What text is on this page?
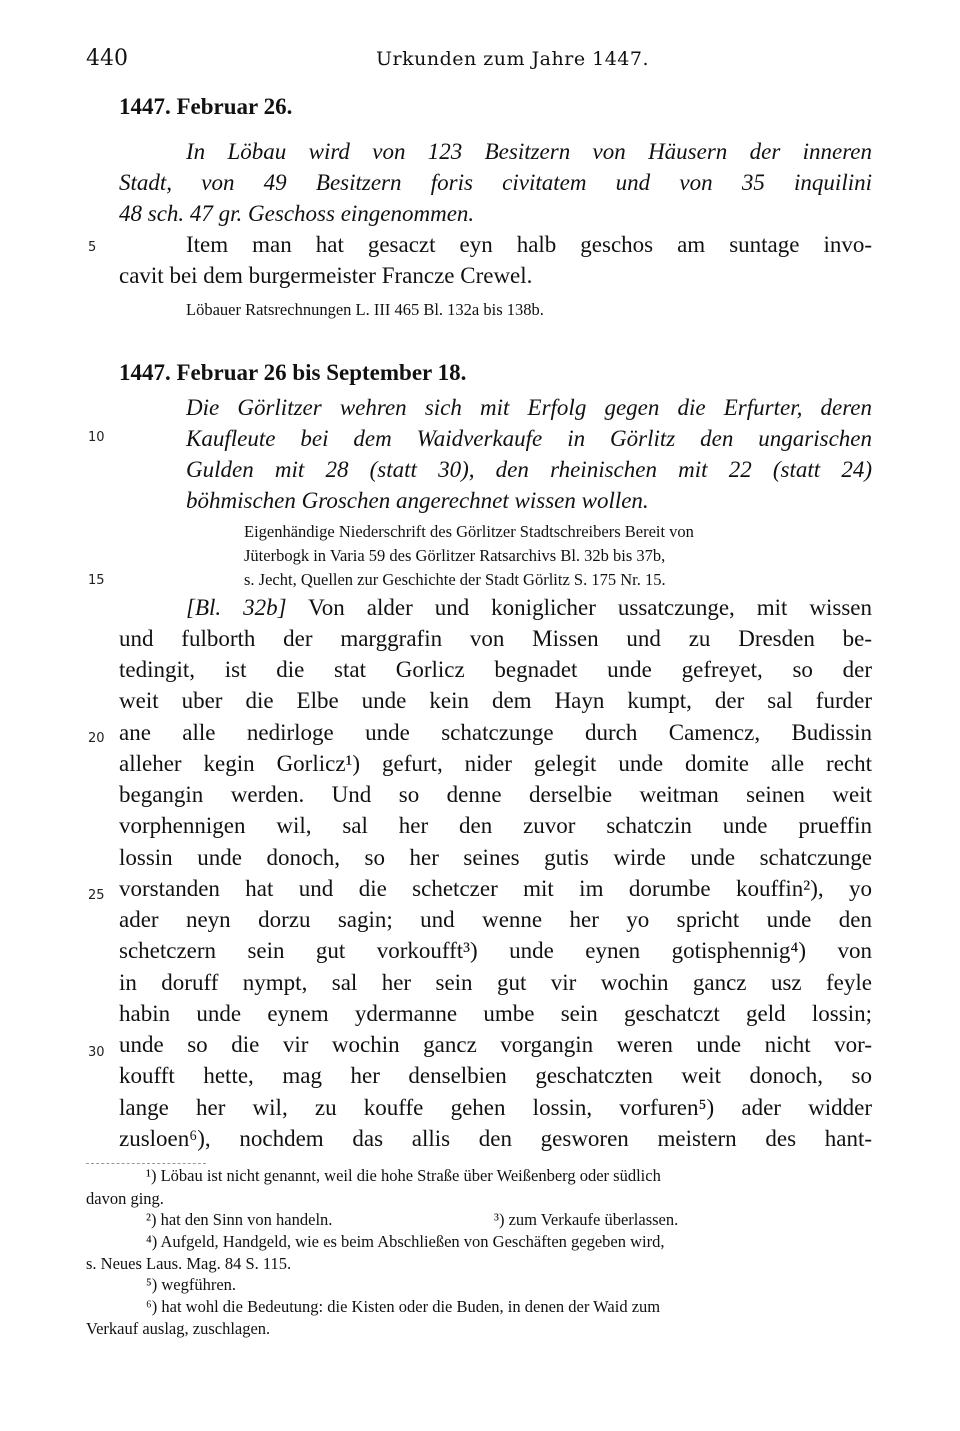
440	Urkunden zum Jahre 1447.
5
10
15
20
25
30
1447. Februar 26.
In Löbau wird von 123 Besitzern von Häusern der inneren
Stadt, von 49 Besitzern foris civitatem und von 35 inquilini
48 sch. 47 gr. Geschoss eingenommen.
Item man hat gesaczt eyn halb geschos am suntage invo-
cavit bei dem burgermeister Francze Crewel.
Löbauer Ratsrechnungen L. III 465 Bl. 132a bis 138b.
1447. Februar 26 bis September 18.
Die Görlitzer wehren sich mit Erfolg gegen die Erfurter, deren
Kaufleute bei dem Waidverkaufe in Görlitz den ungarischen
Gulden mit 28 (statt 30), den rheinischen mit 22 (statt 24)
böhmischen Groschen angerechnet wissen wollen.
Eigenhändige Niederschrift des Görlitzer Stadtschreibers Bereit von
Jüterbogk in Varia 59 des Görlitzer Ratsarchivs Bl. 32b bis 37b,
s. Jecht, Quellen zur Geschichte der Stadt Görlitz S. 175 Nr. 15.
[Bl. 32b] Von alder und koniglicher ussatczunge, mit wissen
und fulborth der marggrafin von Missen und zu Dresden be-
tedingit, ist die stat Gorlicz begnadet unde gefreyet, so der
weit uber die Elbe unde kein dem Hayn kumpt, der sal furder
ane alle nedirloge unde schatczunge durch Camencz, Budissin
alleher kegin Gorlicz¹) gefurt, nider gelegit unde domite alle recht
begangin werden. Und so denne derselbie weitman seinen weit
vorphennigen wil, sal her den zuvor schatczin unde prueffin
lossin unde donoch, so her seines gutis wirde unde schatczunge
vorstanden hat und die schetczer mit im dorumbe kouffin²), yo
ader neyn dorzu sagin; und wenne her yo spricht unde den
schetczern sein gut vorkoufft³) unde eynen gotisphennig⁴) von
in doruff nympt, sal her sein gut vir wochin gancz usz feyle
habin unde eynem ydermanne umbe sein geschatczt geld lossin;
unde so die vir wochin gancz vorgangin weren unde nicht vor-
koufft hette, mag her denselbien geschatczten weit donoch, so
lange her wil, zu kouffe gehen lossin, vorfuren⁵) ader widder
zusloen⁶), nochdem das allis den gesworen meistern des hant-
¹) Löbau ist nicht genannt, weil die hohe Straße über Weißenberg oder südlich
davon ging.
²) hat den Sinn von handeln.	³) zum Verkaufe überlassen.
⁴) Aufgeld, Handgeld, wie es beim Abschließen von Geschäften gegeben wird,
s. Neues Laus. Mag. 84 S. 115.
⁵) wegführen.
⁶) hat wohl die Bedeutung: die Kisten oder die Buden, in denen der Waid zum
Verkauf auslag, zuschlagen.
